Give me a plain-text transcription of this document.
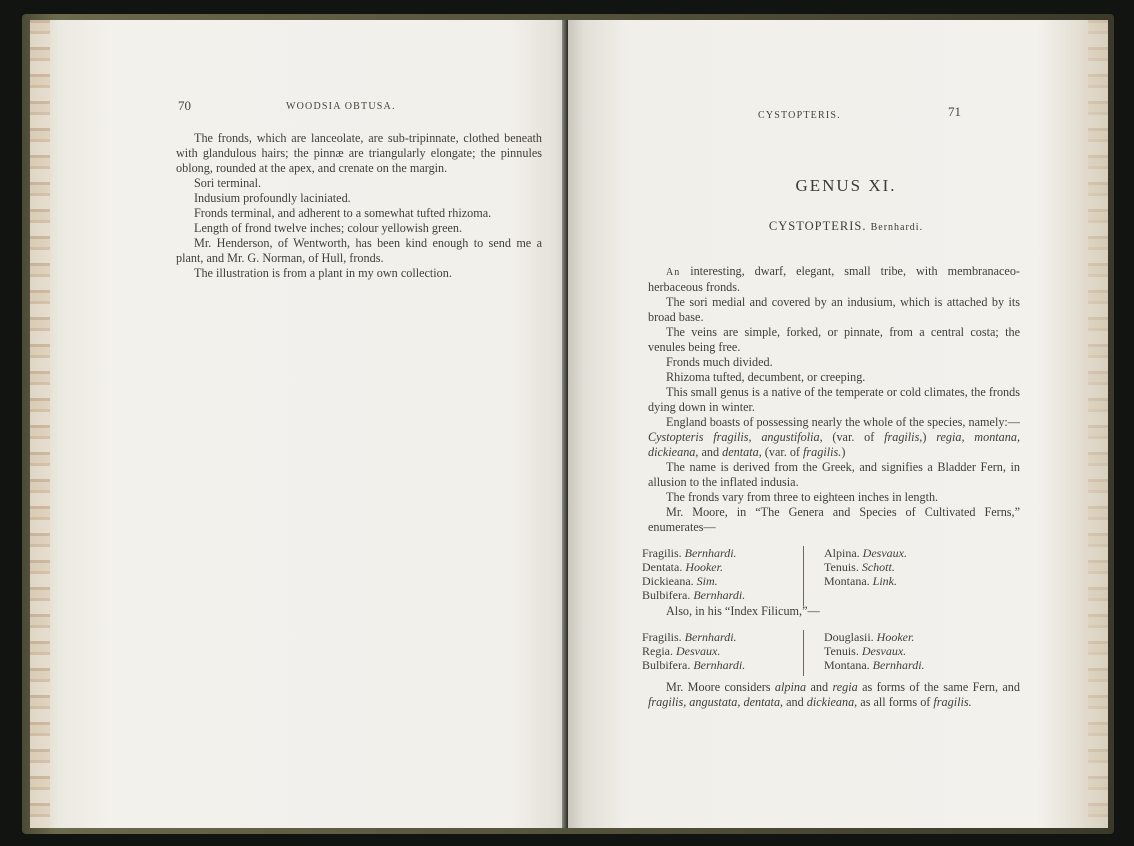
70	WOODSIA OBTUSA.

The fronds, which are lanceolate, are sub-tripinnate, clothed beneath with glandulous hairs; the pinnæ are triangularly elongate; the pinnules oblong, rounded at the apex, and crenate on the margin.

Sori terminal.

Indusium profoundly laciniated.

Fronds terminal, and adherent to a somewhat tufted rhizoma.

Length of frond twelve inches; colour yellowish green.

Mr. Henderson, of Wentworth, has been kind enough to send me a plant, and Mr. G. Norman, of Hull, fronds.

The illustration is from a plant in my own collection.

CYSTOPTERIS.	71
GENUS XI.
CYSTOPTERIS. Bernhardi.

An interesting, dwarf, elegant, small tribe, with membranaceo-herbaceous fronds.

The sori medial and covered by an indusium, which is attached by its broad base.

The veins are simple, forked, or pinnate, from a central costa; the venules being free.

Fronds much divided.

Rhizoma tufted, decumbent, or creeping.

This small genus is a native of the temperate or cold climates, the fronds dying down in winter.

England boasts of possessing nearly the whole of the species, namely:—Cystopteris fragilis, angustifolia, (var. of fragilis,) regia, montana, dickieana, and dentata, (var. of fragilis.)

The name is derived from the Greek, and signifies a Bladder Fern, in allusion to the inflated indusia.

The fronds vary from three to eighteen inches in length.

Mr. Moore, in “The Genera and Species of Cultivated Ferns,” enumerates—

Fragilis. Bernhardi.
Dentata. Hooker.
Dickieana. Sim.
Bulbifera. Bernhardi.
Alpina. Desvaux.
Tenuis. Schott.
Montana. Link.

Also, in his “Index Filicum,”—

Fragilis. Bernhardi.
Regia. Desvaux.
Bulbifera. Bernhardi.
Douglasii. Hooker.
Tenuis. Desvaux.
Montana. Bernhardi.

Mr. Moore considers alpina and regia as forms of the same Fern, and fragilis, angustata, dentata, and dickieana, as all forms of fragilis.
